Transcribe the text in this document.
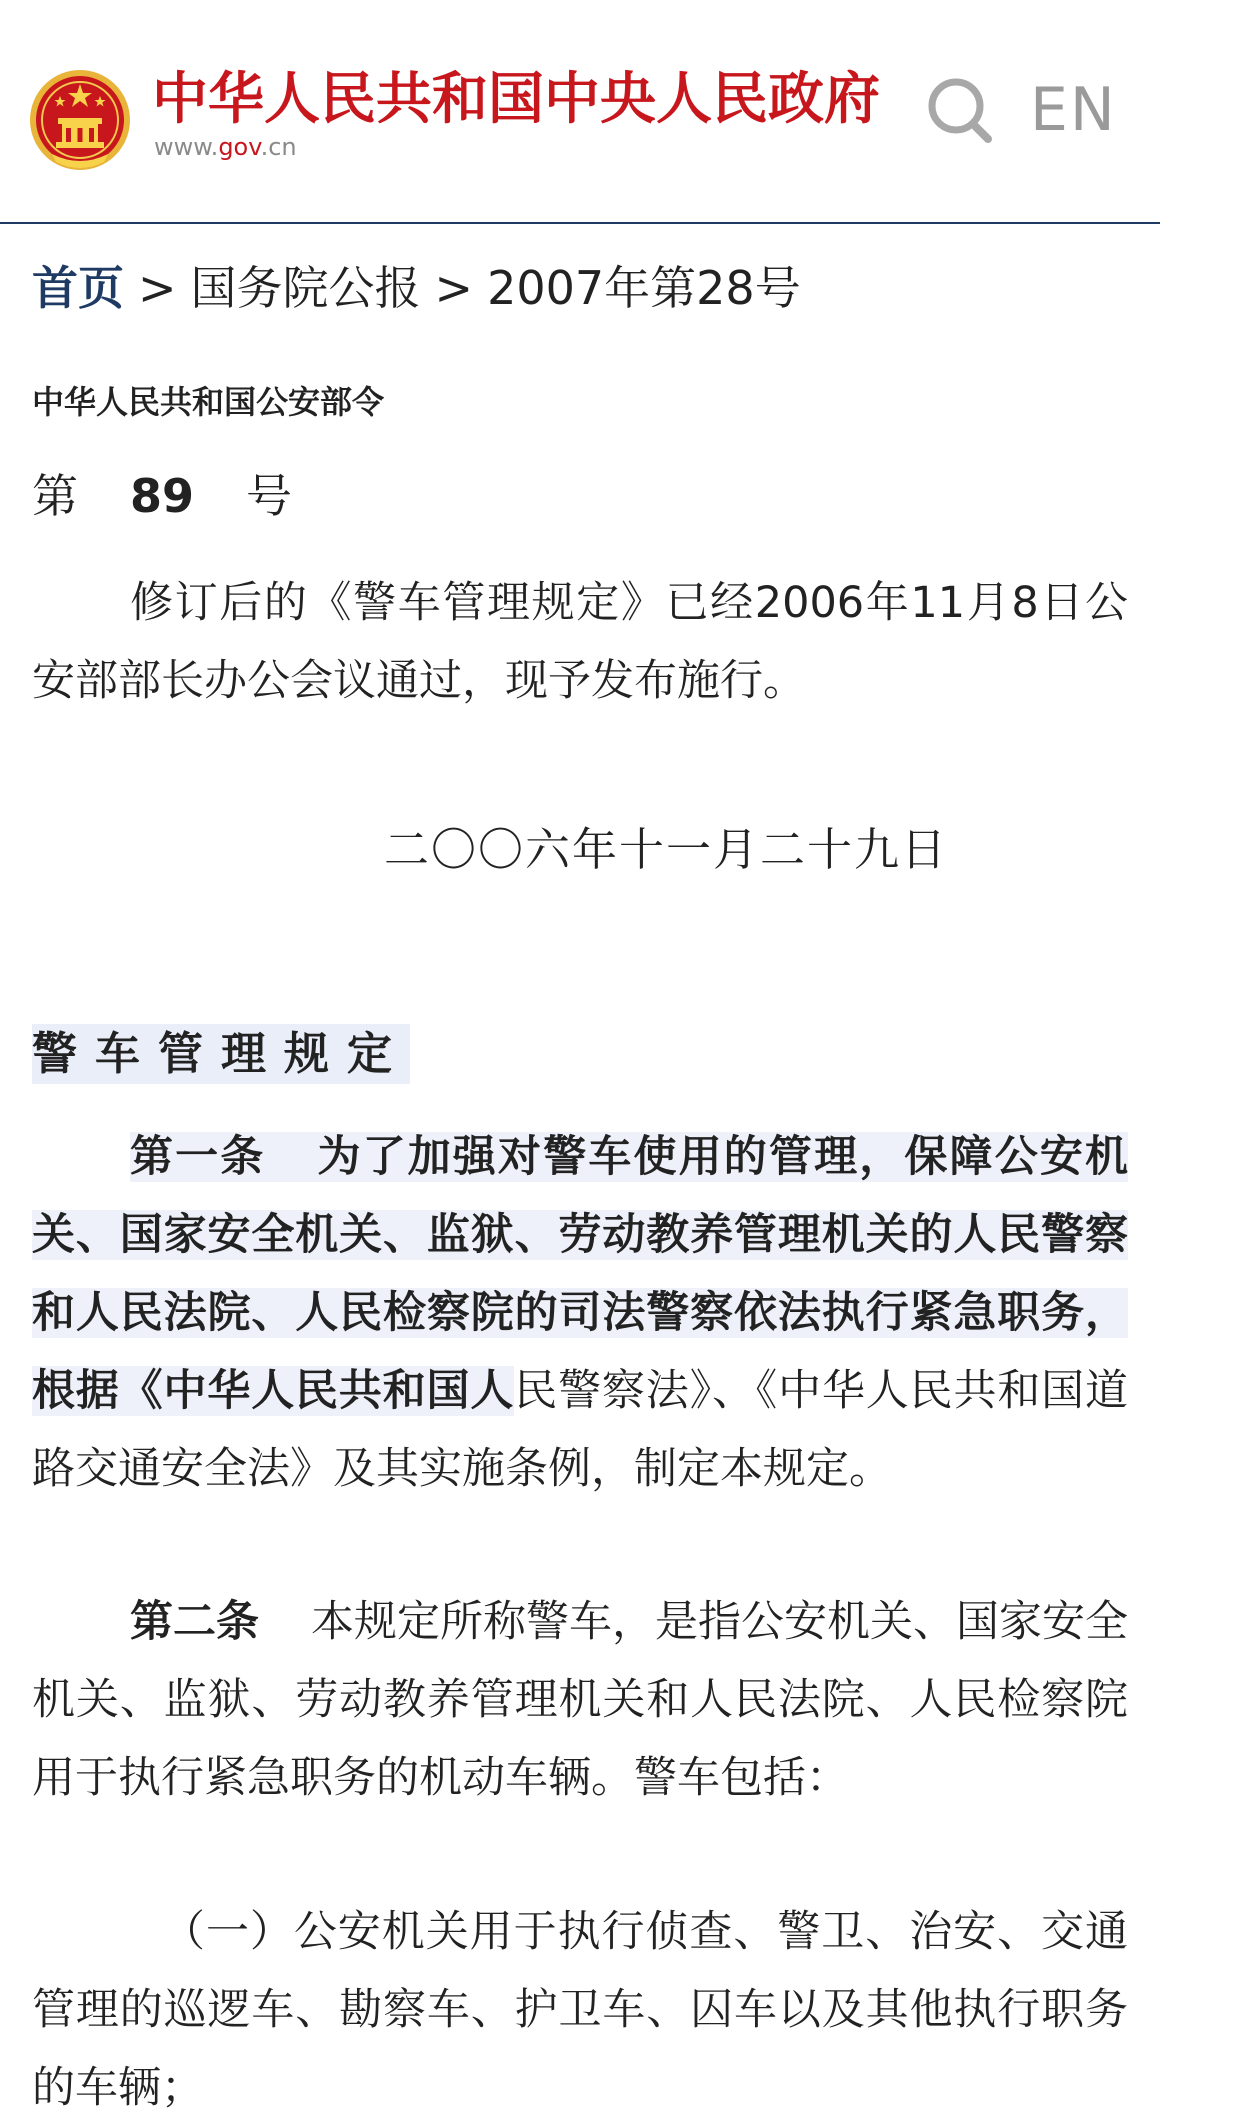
中华人民共和国中央人民政府
www.gov.cn
EN
首页 > 国务院公报 > 2007年第28号
中华人民共和国公安部令
第 89 号
修订后的《警车管理规定》已经2006年11月8日公安部部长办公会议通过，现予发布施行。
二〇〇六年十一月二十九日
警车管理规定
第一条 为了加强对警车使用的管理，保障公安机关、国家安全机关、监狱、劳动教养管理机关的人民警察和人民法院、人民检察院的司法警察依法执行紧急职务，根据《中华人民共和国人民警察法》、《中华人民共和国道路交通安全法》及其实施条例，制定本规定。
第二条 本规定所称警车，是指公安机关、国家安全机关、监狱、劳动教养管理机关和人民法院、人民检察院用于执行紧急职务的机动车辆。警车包括：
（一）公安机关用于执行侦查、警卫、治安、交通管理的巡逻车、勘察车、护卫车、囚车以及其他执行职务的车辆；
